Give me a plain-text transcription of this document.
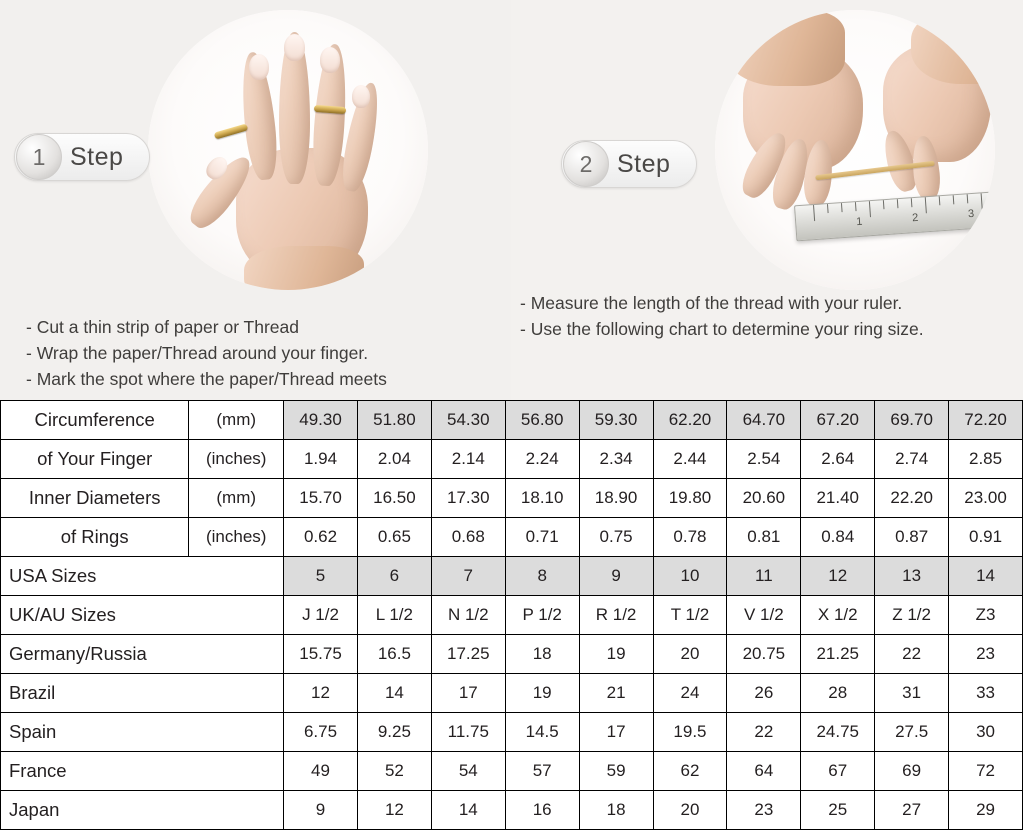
1 Step
- Cut a thin strip of paper or Thread
- Wrap the paper/Thread around your finger.
- Mark the spot where the paper/Thread meets
1	2	3
2 Step
- Measure the length of the thread with your ruler.
- Use the following chart to determine your ring size.
Circumference	(mm)	49.30	51.80	54.30	56.80	59.30	62.20	64.70	67.20	69.70	72.20
of Your Finger	(inches)	1.94	2.04	2.14	2.24	2.34	2.44	2.54	2.64	2.74	2.85
Inner Diameters	(mm)	15.70	16.50	17.30	18.10	18.90	19.80	20.60	21.40	22.20	23.00
of Rings	(inches)	0.62	0.65	0.68	0.71	0.75	0.78	0.81	0.84	0.87	0.91
USA Sizes		5	6	7	8	9	10	11	12	13	14
UK/AU Sizes		J 1/2	L 1/2	N 1/2	P 1/2	R 1/2	T 1/2	V 1/2	X 1/2	Z 1/2	Z3
Germany/Russia		15.75	16.5	17.25	18	19	20	20.75	21.25	22	23
Brazil		12	14	17	19	21	24	26	28	31	33
Spain		6.75	9.25	11.75	14.5	17	19.5	22	24.75	27.5	30
France		49	52	54	57	59	62	64	67	69	72
Japan		9	12	14	16	18	20	23	25	27	29
